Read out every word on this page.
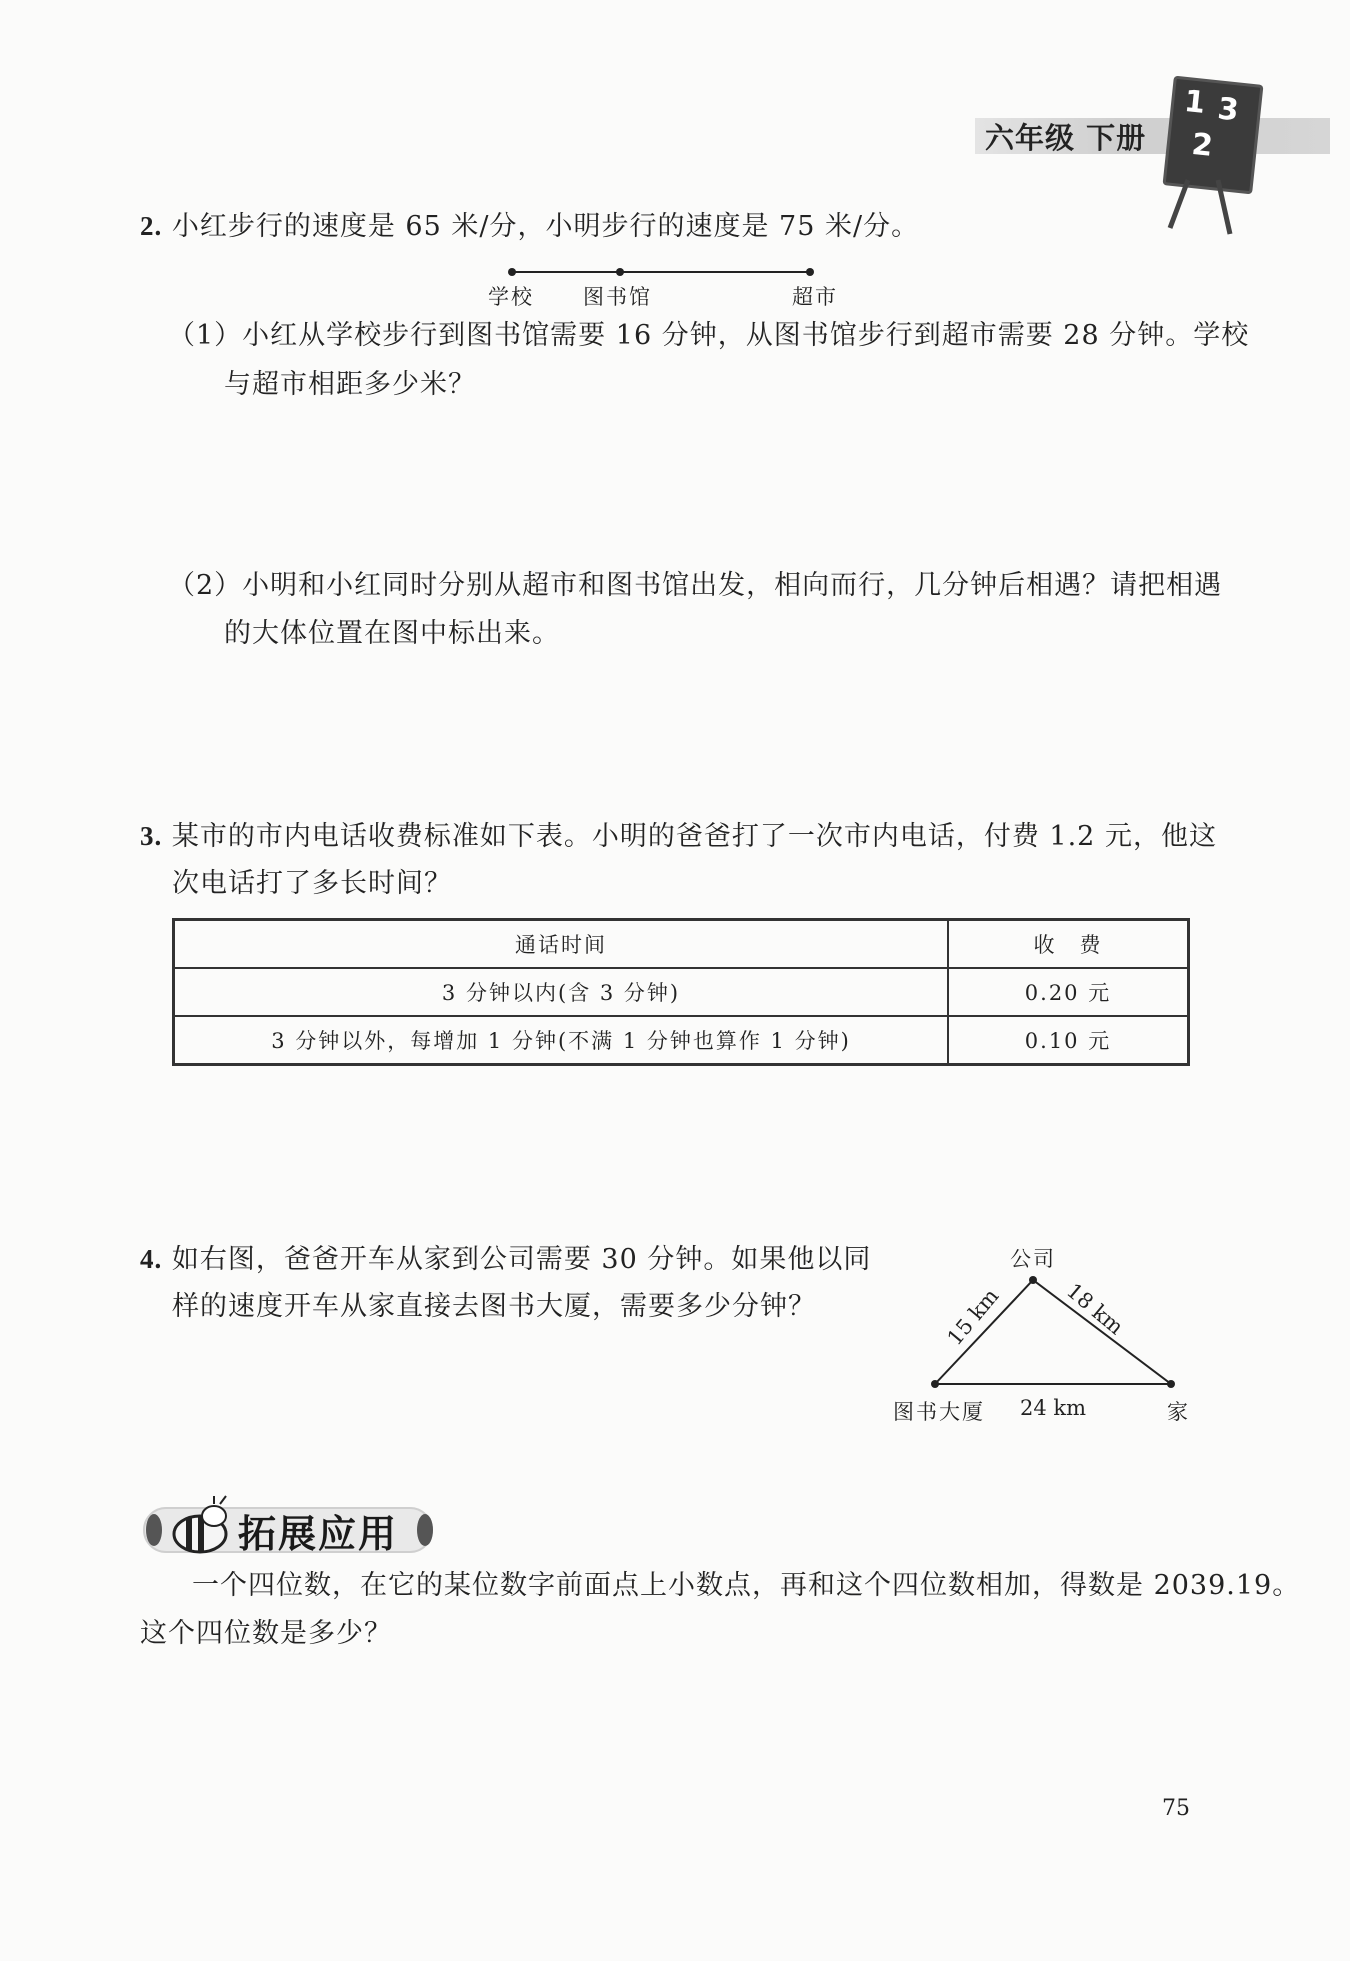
六年级 下册
1 3
2
2. 小红步行的速度是 65 米/分，小明步行的速度是 75 米/分。
学校 图书馆	超市
（1）小红从学校步行到图书馆需要 16 分钟，从图书馆步行到超市需要 28 分钟。学校
与超市相距多少米？
（2）小明和小红同时分别从超市和图书馆出发，相向而行，几分钟后相遇？请把相遇
的大体位置在图中标出来。
3. 某市的市内电话收费标准如下表。小明的爸爸打了一次市内电话，付费 1.2 元，他这
次电话打了多长时间？
通话时间	收　费
3 分钟以内(含 3 分钟)	0.20 元
3 分钟以外，每增加 1 分钟(不满 1 分钟也算作 1 分钟)	0.10 元
4. 如右图，爸爸开车从家到公司需要 30 分钟。如果他以同
样的速度开车从家直接去图书大厦，需要多少分钟？
公司
图书大厦	家
24 km
15 km	18 km
拓展应用
一个四位数，在它的某位数字前面点上小数点，再和这个四位数相加，得数是 2039.19。
这个四位数是多少？
75
